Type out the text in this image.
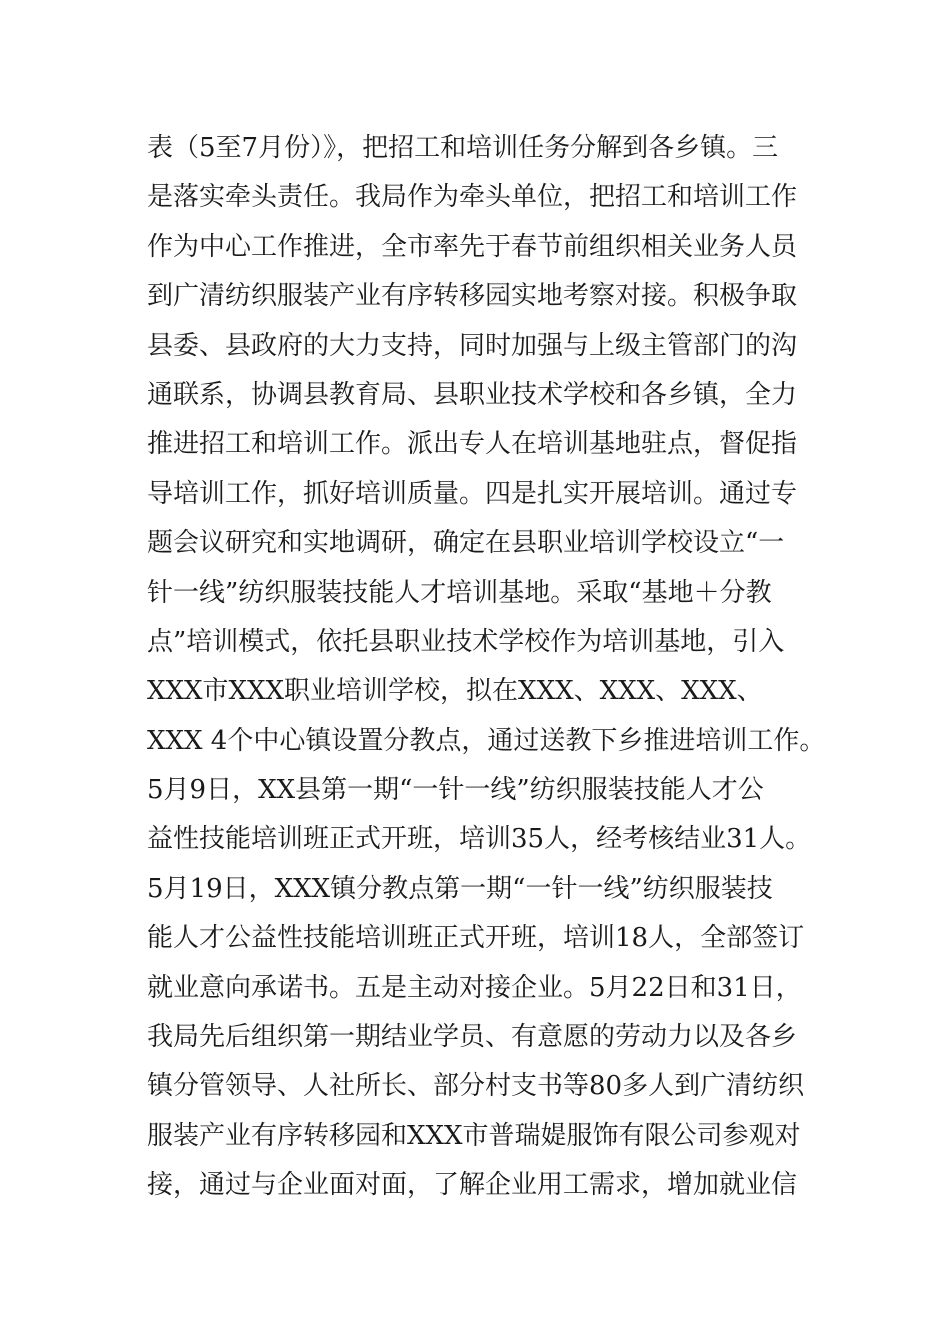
表（5至7月份）》，把招工和培训任务分解到各乡镇。三
是落实牵头责任。我局作为牵头单位，把招工和培训工作
作为中心工作推进，全市率先于春节前组织相关业务人员
到广清纺织服装产业有序转移园实地考察对接。积极争取
县委、县政府的大力支持，同时加强与上级主管部门的沟
通联系，协调县教育局、县职业技术学校和各乡镇，全力
推进招工和培训工作。派出专人在培训基地驻点，督促指
导培训工作，抓好培训质量。四是扎实开展培训。通过专
题会议研究和实地调研，确定在县职业培训学校设立“一
针一线”纺织服装技能人才培训基地。采取“基地＋分教
点”培训模式，依托县职业技术学校作为培训基地，引入
XXX市XXX职业培训学校，拟在XXX、XXX、XXX、
XXX 4个中心镇设置分教点，通过送教下乡推进培训工作。
5月9日，XX县第一期“一针一线”纺织服装技能人才公
益性技能培训班正式开班，培训35人，经考核结业31人。
5月19日，XXX镇分教点第一期“一针一线”纺织服装技
能人才公益性技能培训班正式开班，培训18人，全部签订
就业意向承诺书。五是主动对接企业。5月22日和31日，
我局先后组织第一期结业学员、有意愿的劳动力以及各乡
镇分管领导、人社所长、部分村支书等80多人到广清纺织
服装产业有序转移园和XXX市普瑞媞服饰有限公司参观对
接，通过与企业面对面，了解企业用工需求，增加就业信
